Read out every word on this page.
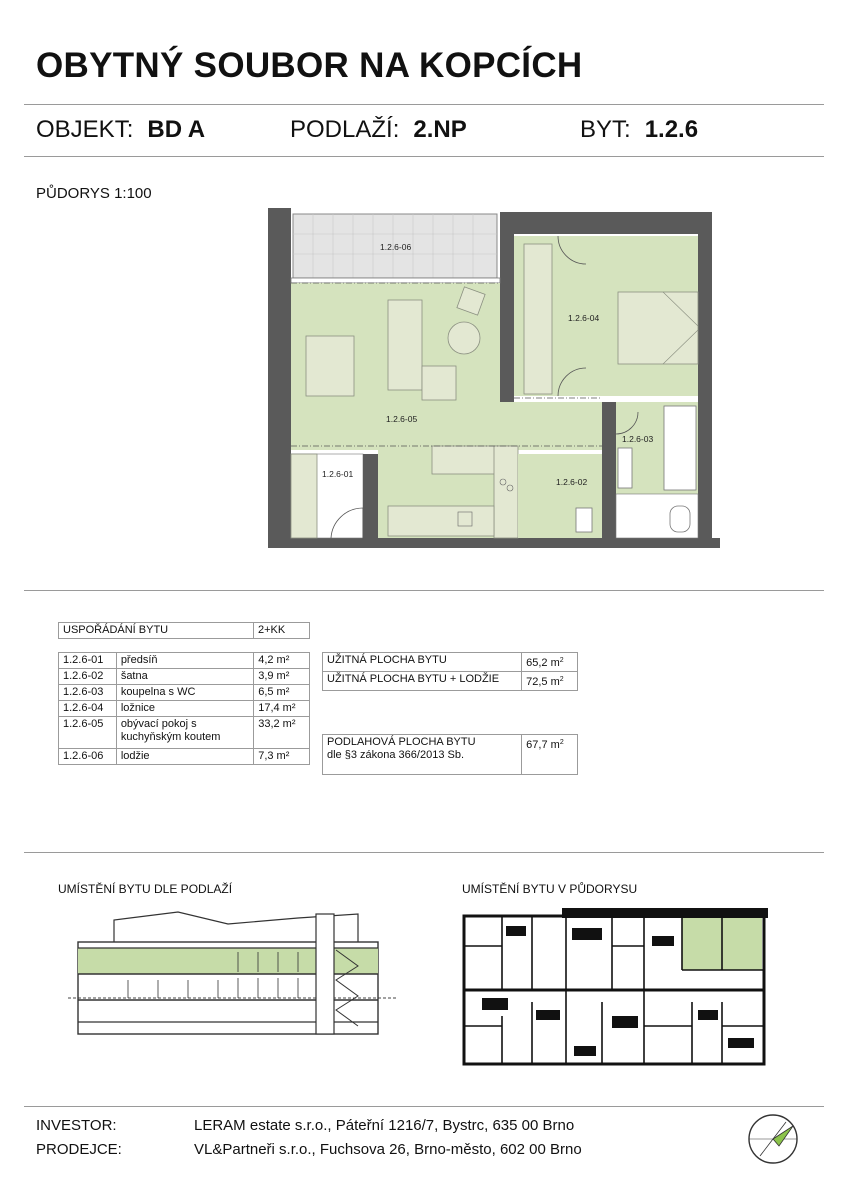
OBYTNÝ SOUBOR NA KOPCÍCH
OBJEKT: BD A	PODLAŽÍ: 2.NP	BYT: 1.2.6
PŮDORYS 1:100
1.2.6-06
1.2.6-04
1.2.6-05
1.2.6-03
1.2.6-01
1.2.6-02
USPOŘÁDÁNÍ BYTU	2+KK
1.2.6-01	předsíň	4,2 m²
1.2.6-02	šatna	3,9 m²
1.2.6-03	koupelna s WC	6,5 m²
1.2.6-04	ložnice	17,4 m²
1.2.6-05	obývací pokoj s kuchyňským koutem	33,2 m²
1.2.6-06	lodžie	7,3 m²
UŽITNÁ PLOCHA BYTU	65,2 $m^2$
UŽITNÁ PLOCHA BYTU + LODŽIE	72,5 $m^2$
PODLAHOVÁ PLOCHA BYTU
dle §3 zákona 366/2013 Sb.
	67,7 $m^2$
UMÍSTĚNÍ BYTU DLE PODLAŽÍ	UMÍSTĚNÍ BYTU V PŮDORYSU
INVESTOR:	LERAM estate s.r.o., Páteřní 1216/7, Bystrc, 635 00 Brno
PRODEJCE:	VL&Partneři s.r.o., Fuchsova 26, Brno-město, 602 00 Brno
